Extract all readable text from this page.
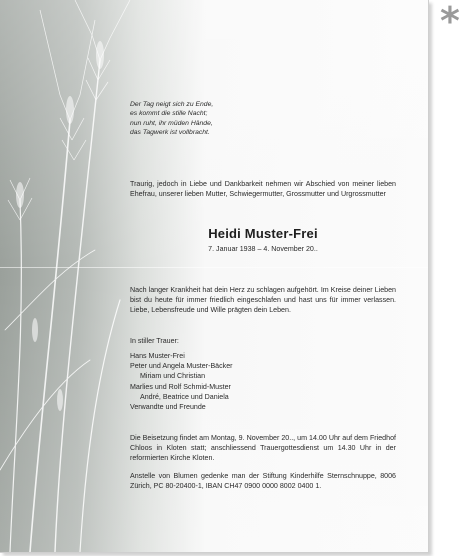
Der Tag neigt sich zu Ende,
es kommt die stille Nacht;
nun ruht, ihr müden Hände,
das Tagwerk ist vollbracht.
Traurig, jedoch in Liebe und Dankbarkeit nehmen wir Abschied von meiner lieben Ehefrau, unserer lieben Mutter, Schwiegermutter, Grossmutter und Urgrossmutter
Heidi Muster-Frei
7. Januar 1938 – 4. November 20..
Nach langer Krankheit hat dein Herz zu schlagen aufgehört. Im Kreise deiner Lieben bist du heute für immer friedlich eingeschlafen und hast uns für immer verlassen. Liebe, Lebensfreude und Wille prägten dein Leben.
In stiller Trauer:
Hans Muster-Frei
Peter und Angela Muster-Bäcker
Miriam und Christian
Marlies und Rolf Schmid-Muster
André, Beatrice und Daniela
Verwandte und Freunde
Die Beisetzung findet am Montag, 9. November 20.., um 14.00 Uhr auf dem Friedhof Chloos in Kloten statt; anschliessend Trauergottesdienst um 14.30 Uhr in der reformierten Kirche Kloten.
Anstelle von Blumen gedenke man der Stiftung Kinderhilfe Sternschnuppe, 8006 Zürich, PC 80-20400-1, IBAN CH47 0900 0000 8002 0400 1.
*
